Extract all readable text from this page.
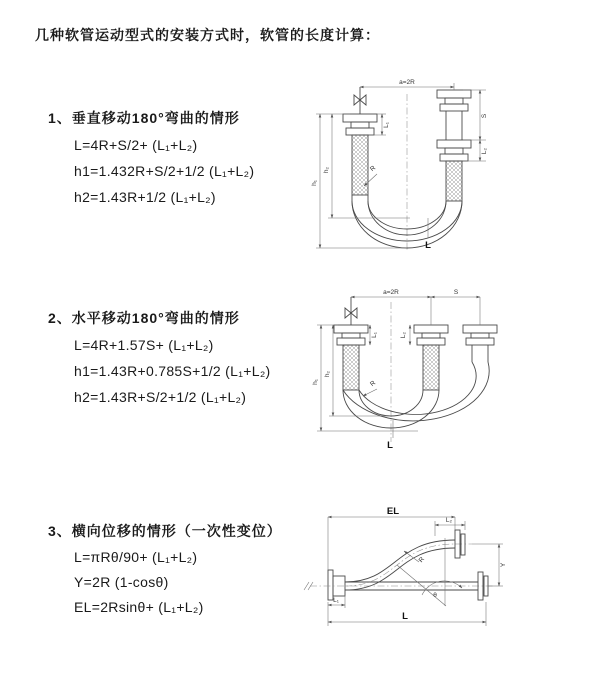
几种软管运动型式的安装方式时，软管的长度计算：
1、垂直移动180°弯曲的情形
L=4R+S/2+ (L₁+L₂)
h1=1.432R+S/2+1/2 (L₁+L₂)
h2=1.43R+1/2 (L₁+L₂)
2、水平移动180°弯曲的情形
L=4R+1.57S+ (L₁+L₂)
h1=1.43R+0.785S+1/2 (L₁+L₂)
h2=1.43R+S/2+1/2 (L₁+L₂)
3、横向位移的情形（一次性变位）
L=πRθ/90+ (L₁+L₂)
Y=2R (1-cosθ)
EL=2Rsinθ+ (L₁+L₂)
a=2R
h₁
h₂
L₁
S
L₂
R
L
a=2R	S
h₁
h₂
L₁	L₂
R
L
EL
L₂
Y
θ
R
L
L₁
